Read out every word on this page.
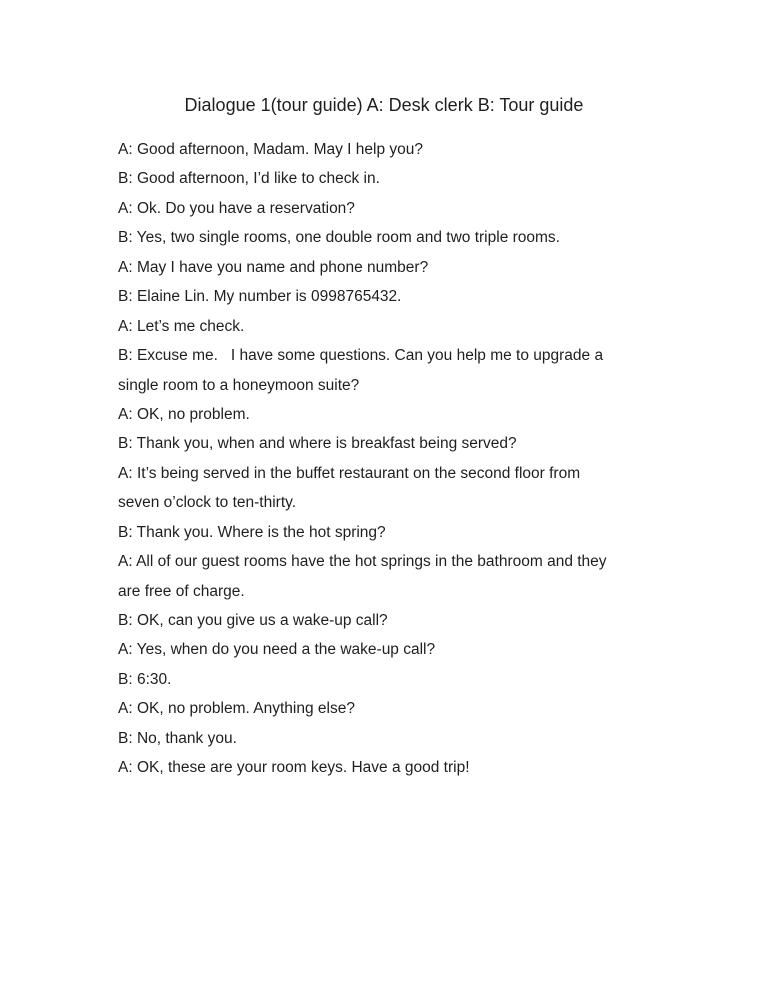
Dialogue 1(tour guide) A: Desk clerk B: Tour guide

A: Good afternoon, Madam. May I help you?

B: Good afternoon, I’d like to check in.

A: Ok. Do you have a reservation?

B: Yes, two single rooms, one double room and two triple rooms.

A: May I have you name and phone number?

B: Elaine Lin. My number is 0998765432.

A: Let’s me check.

B: Excuse me.   I have some questions. Can you help me to upgrade a

single room to a honeymoon suite?

A: OK, no problem.

B: Thank you, when and where is breakfast being served?

A: It’s being served in the buffet restaurant on the second floor from

seven o’clock to ten-thirty.

B: Thank you. Where is the hot spring?

A: All of our guest rooms have the hot springs in the bathroom and they

are free of charge.

B: OK, can you give us a wake-up call?

A: Yes, when do you need a the wake-up call?

B: 6:30.

A: OK, no problem. Anything else?

B: No, thank you.

A: OK, these are your room keys. Have a good trip!
